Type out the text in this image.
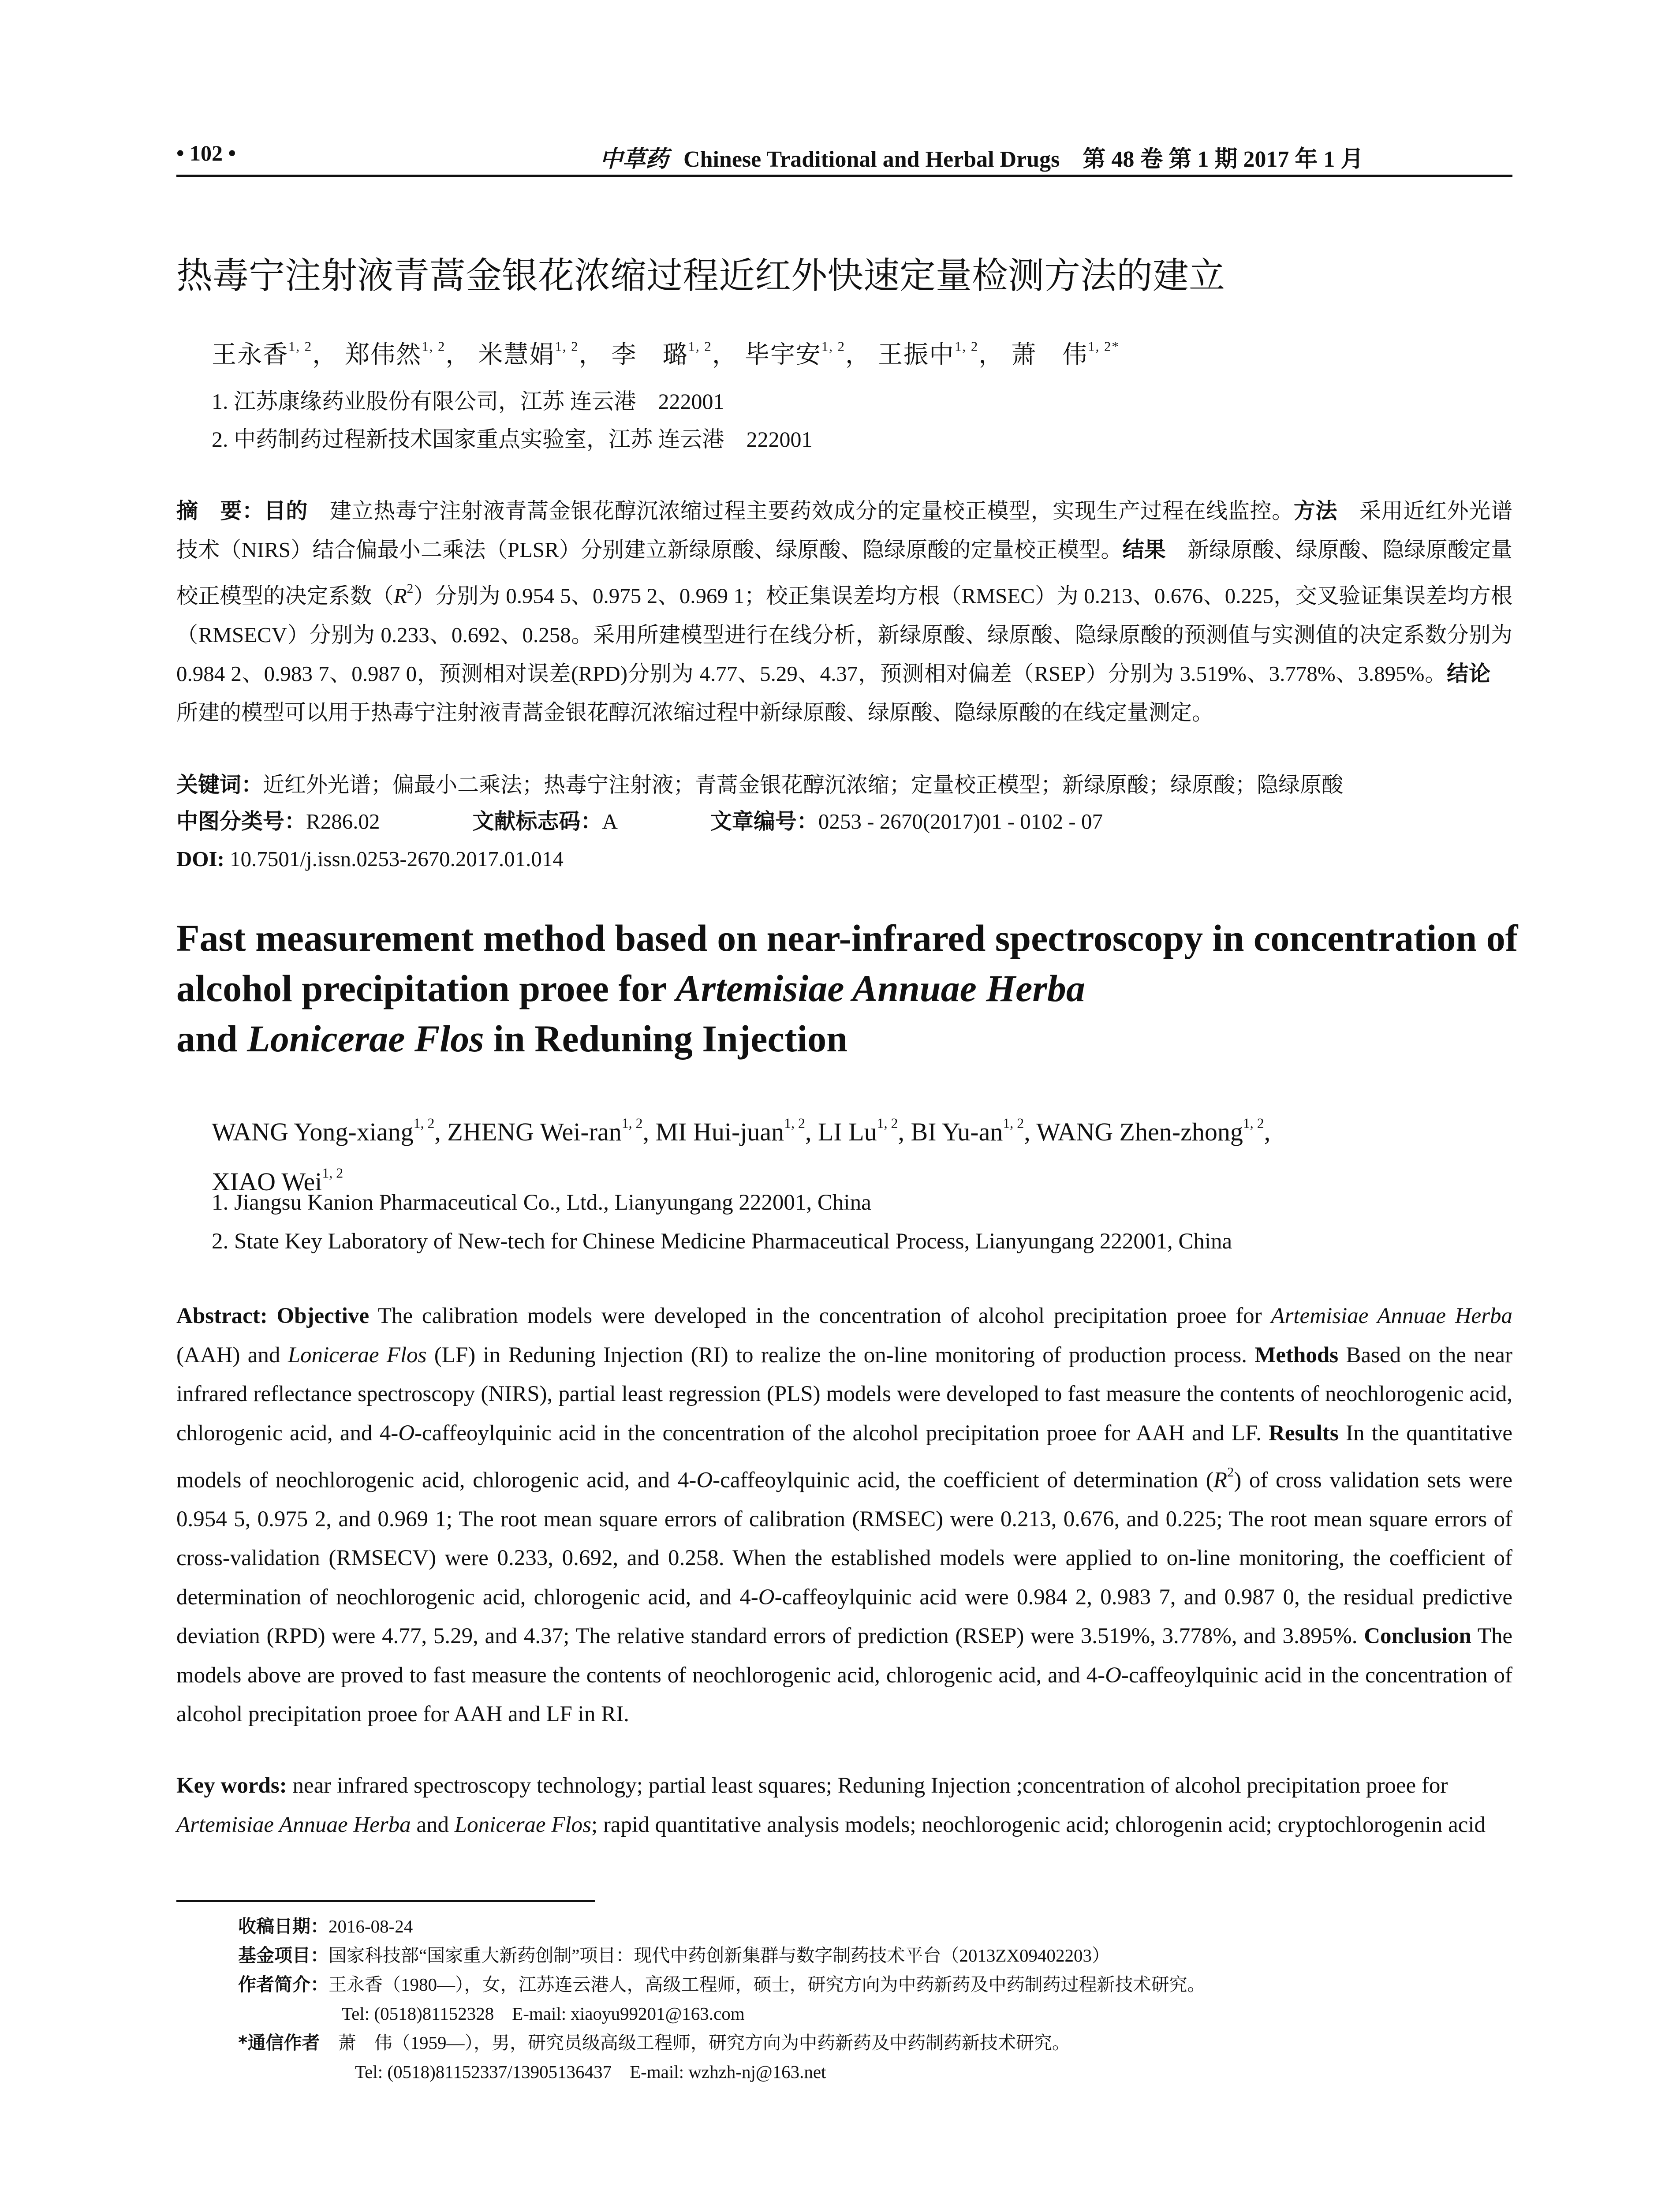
• 102 •	中草药 Chinese Traditional and Herbal Drugs　第 48 卷 第 1 期 2017 年 1 月
热毒宁注射液青蒿金银花浓缩过程近红外快速定量检测方法的建立
王永香$^{1, 2}$， 郑伟然$^{1, 2}$， 米慧娟$^{1, 2}$， 李　璐$^{1, 2}$， 毕宇安$^{1, 2}$， 王振中$^{1, 2}$， 萧　伟$^{1, 2*}$
1. 江苏康缘药业股份有限公司，江苏 连云港　222001
2. 中药制药过程新技术国家重点实验室，江苏 连云港　222001
摘　要：目的　建立热毒宁注射液青蒿金银花醇沉浓缩过程主要药效成分的定量校正模型，实现生产过程在线监控。方法　采用近红外光谱技术（NIRS）结合偏最小二乘法（PLSR）分别建立新绿原酸、绿原酸、隐绿原酸的定量校正模型。结果　新绿原酸、绿原酸、隐绿原酸定量校正模型的决定系数$(R^2)$分别为 0.954 5、0.975 2、0.969 1；校正集误差均方根（RMSEC）为 0.213、0.676、0.225，交叉验证集误差均方根（RMSECV）分别为 0.233、0.692、0.258。采用所建模型进行在线分析，新绿原酸、绿原酸、隐绿原酸的预测值与实测值的决定系数分别为 0.984 2、0.983 7、0.987 0，预测相对误差(RPD)分别为 4.77、5.29、4.37，预测相对偏差（RSEP）分别为 3.519%、3.778%、3.895%。结论　所建的模型可以用于热毒宁注射液青蒿金银花醇沉浓缩过程中新绿原酸、绿原酸、隐绿原酸的在线定量测定。
关键词：近红外光谱；偏最小二乘法；热毒宁注射液；青蒿金银花醇沉浓缩；定量校正模型；新绿原酸；绿原酸；隐绿原酸
中图分类号：R286.02	文献标志码：A	文章编号：0253 - 2670(2017)01 - 0102 - 07
DOI: 10.7501/j.issn.0253-2670.2017.01.014
Fast measurement method based on near-infrared spectroscopy in concentration of alcohol precipitation proee for Artemisiae Annuae Herba
and Lonicerae Flos in Reduning Injection
WANG Yong-xiang$^{1, 2}$, ZHENG Wei-ran$^{1, 2}$, MI Hui-juan$^{1, 2}$, LI Lu$^{1, 2}$, BI Yu-an$^{1, 2}$, WANG Zhen-zhong$^{1, 2}$,
XIAO Wei$^{1, 2}$
1. Jiangsu Kanion Pharmaceutical Co., Ltd., Lianyungang 222001, China
2. State Key Laboratory of New-tech for Chinese Medicine Pharmaceutical Process, Lianyungang 222001, China
Abstract: Objective The calibration models were developed in the concentration of alcohol precipitation proee for Artemisiae Annuae Herba (AAH) and Lonicerae Flos (LF) in Reduning Injection (RI) to realize the on-line monitoring of production process. Methods Based on the near infrared reflectance spectroscopy (NIRS), partial least regression (PLS) models were developed to fast measure the contents of neochlorogenic acid, chlorogenic acid, and 4-O-caffeoylquinic acid in the concentration of the alcohol precipitation proee for AAH and LF. Results In the quantitative models of neochlorogenic acid, chlorogenic acid, and 4-O-caffeoylquinic acid, the coefficient of determination $(R^2)$ of cross validation sets were 0.954 5, 0.975 2, and 0.969 1; The root mean square errors of calibration (RMSEC) were 0.213, 0.676, and 0.225; The root mean square errors of cross-validation (RMSECV) were 0.233, 0.692, and 0.258. When the established models were applied to on-line monitoring, the coefficient of determination of neochlorogenic acid, chlorogenic acid, and 4-O-caffeoylquinic acid were 0.984 2, 0.983 7, and 0.987 0, the residual predictive deviation (RPD) were 4.77, 5.29, and 4.37; The relative standard errors of prediction (RSEP) were 3.519%, 3.778%, and 3.895%. Conclusion The models above are proved to fast measure the contents of neochlorogenic acid, chlorogenic acid, and 4-O-caffeoylquinic acid in the concentration of alcohol precipitation proee for AAH and LF in RI.
Key words: near infrared spectroscopy technology; partial least squares; Reduning Injection ;concentration of alcohol precipitation proee for Artemisiae Annuae Herba and Lonicerae Flos; rapid quantitative analysis models; neochlorogenic acid; chlorogenin acid; cryptochlorogenin acid
收稿日期：2016-08-24
基金项目：国家科技部“国家重大新药创制”项目：现代中药创新集群与数字制药技术平台（2013ZX09402203）
作者简介：王永香（1980—），女，江苏连云港人，高级工程师，硕士，研究方向为中药新药及中药制药过程新技术研究。
Tel: (0518)81152328　E-mail: xiaoyu99201@163.com
*通信作者　萧　伟（1959—），男，研究员级高级工程师，研究方向为中药新药及中药制药新技术研究。
Tel: (0518)81152337/13905136437　E-mail: wzhzh-nj@163.net
